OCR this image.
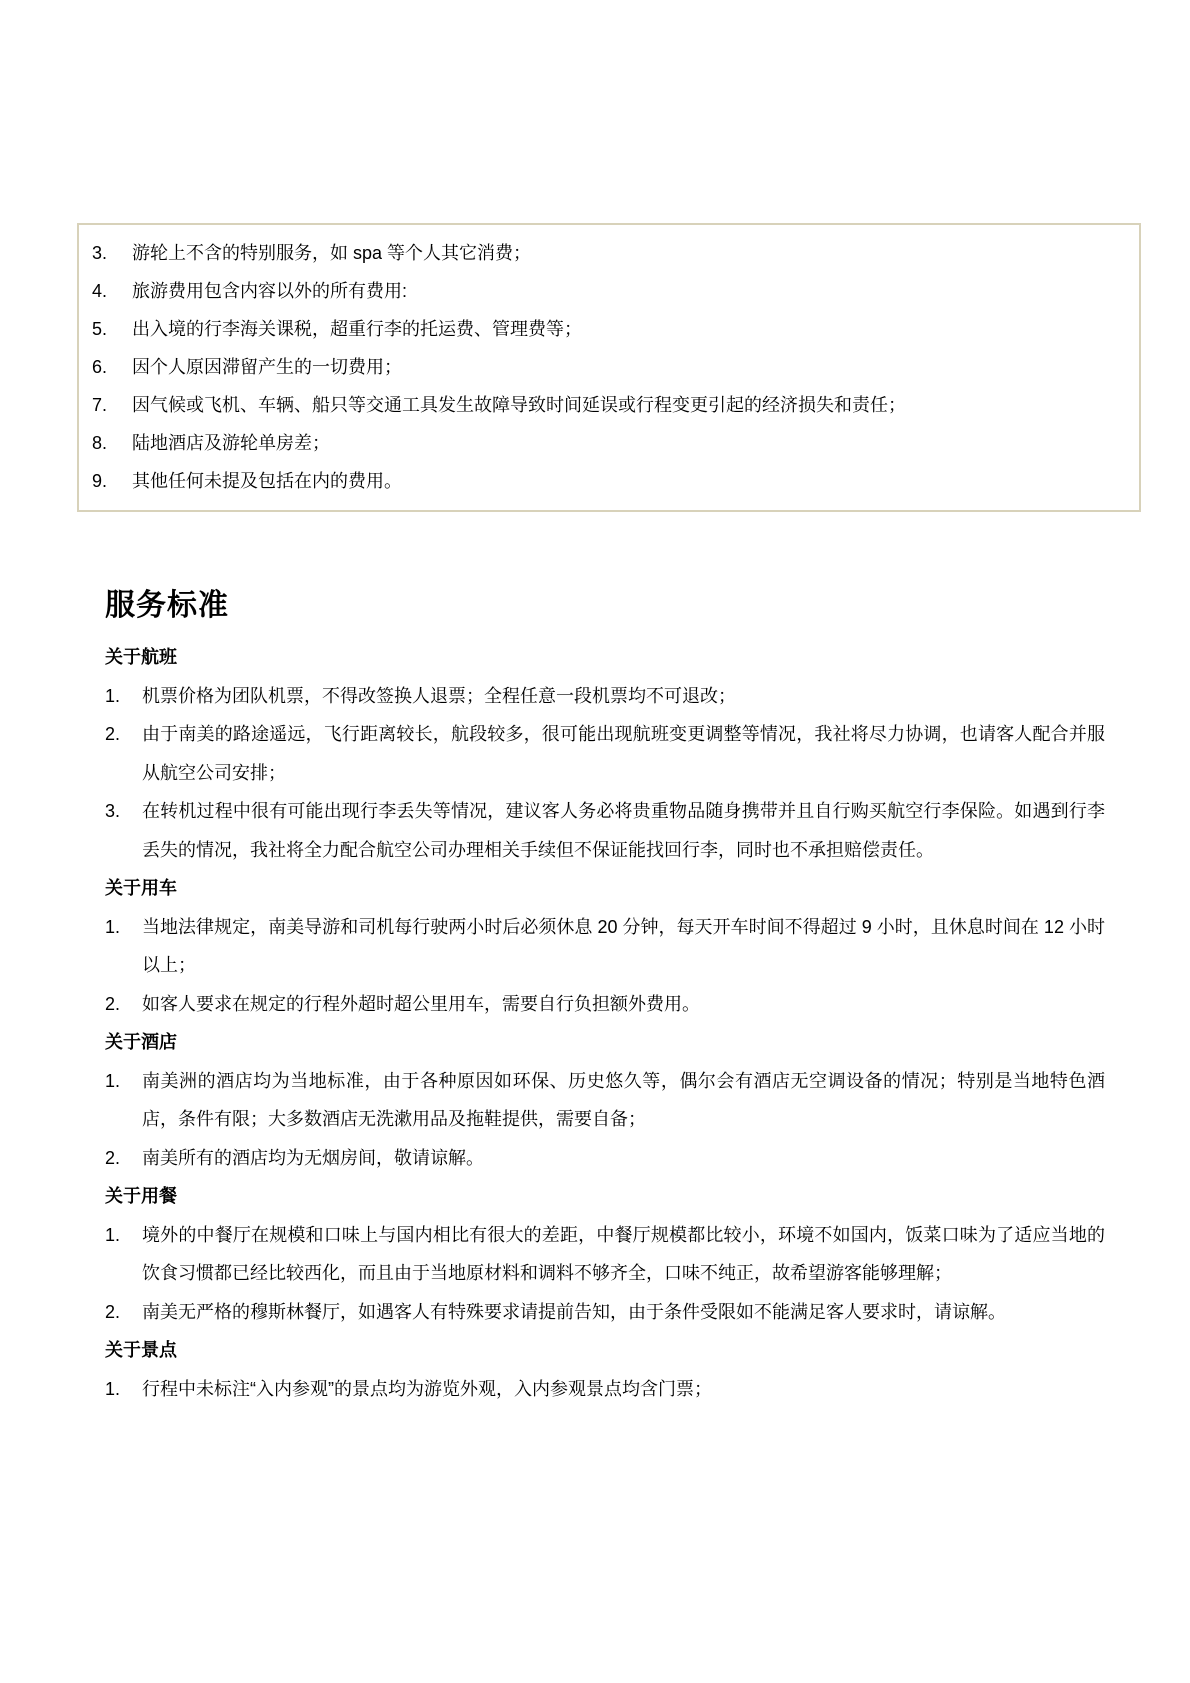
3.	游轮上不含的特别服务，如 spa 等个人其它消费；
4.	旅游费用包含内容以外的所有费用:
5.	出入境的行李海关课税，超重行李的托运费、管理费等；
6.	因个人原因滞留产生的一切费用；
7.	因气候或飞机、车辆、船只等交通工具发生故障导致时间延误或行程变更引起的经济损失和责任；
8.	陆地酒店及游轮单房差；
9.	其他任何未提及包括在内的费用。
服务标准
关于航班
1.	机票价格为团队机票，不得改签换人退票；全程任意一段机票均不可退改；
2.	由于南美的路途遥远，飞行距离较长，航段较多，很可能出现航班变更调整等情况，我社将尽力协调，也请客人配合并服从航空公司安排；
3.	在转机过程中很有可能出现行李丢失等情况，建议客人务必将贵重物品随身携带并且自行购买航空行李保险。如遇到行李丢失的情况，我社将全力配合航空公司办理相关手续但不保证能找回行李，同时也不承担赔偿责任。
关于用车
1.	当地法律规定，南美导游和司机每行驶两小时后必须休息 20 分钟，每天开车时间不得超过 9 小时，且休息时间在 12 小时以上；
2.	如客人要求在规定的行程外超时超公里用车，需要自行负担额外费用。
关于酒店
1.	南美洲的酒店均为当地标准，由于各种原因如环保、历史悠久等，偶尔会有酒店无空调设备的情况；特别是当地特色酒店，条件有限；大多数酒店无洗漱用品及拖鞋提供，需要自备；
2.	南美所有的酒店均为无烟房间，敬请谅解。
关于用餐
1.	境外的中餐厅在规模和口味上与国内相比有很大的差距，中餐厅规模都比较小，环境不如国内，饭菜口味为了适应当地的饮食习惯都已经比较西化，而且由于当地原材料和调料不够齐全，口味不纯正，故希望游客能够理解；
2.	南美无严格的穆斯林餐厅，如遇客人有特殊要求请提前告知，由于条件受限如不能满足客人要求时，请谅解。
关于景点
1.	行程中未标注“入内参观”的景点均为游览外观，入内参观景点均含门票；
